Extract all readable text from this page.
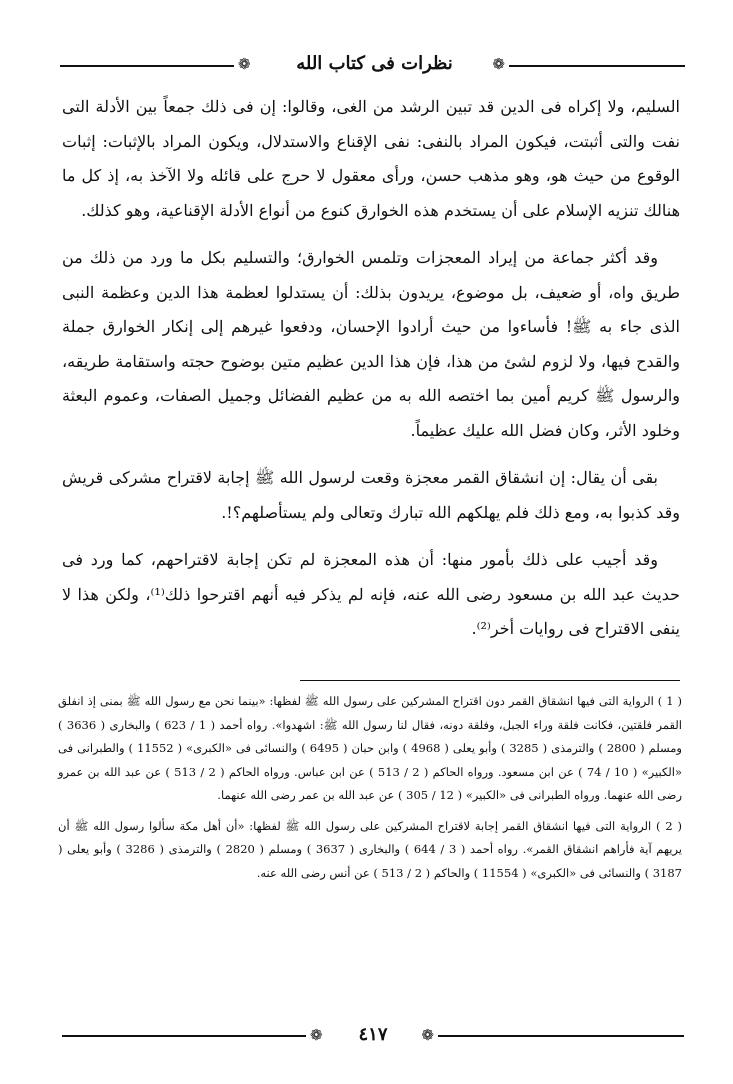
❁	نظرات فى كتاب الله	❁

السليم، ولا إكراه فى الدين قد تبين الرشد من الغى، وقالوا: إن فى ذلك جمعاً بين الأدلة التى نفت والتى أثبتت، فيكون المراد بالنفى: نفى الإقناع والاستدلال، ويكون المراد بالإثبات: إثبات الوقوع من حيث هو، وهو مذهب حسن، ورأى معقول لا حرج على قائله ولا الآخذ به، إذ كل ما هنالك تنزيه الإسلام على أن يستخدم هذه الخوارق كنوع من أنواع الأدلة الإقناعية، وهو كذلك.

وقد أكثر جماعة من إيراد المعجزات وتلمس الخوارق؛ والتسليم بكل ما ورد من ذلك من طريق واه، أو ضعيف، بل موضوع، يريدون بذلك: أن يستدلوا لعظمة هذا الدين وعظمة النبى الذى جاء به ﷺ! فأساءوا من حيث أرادوا الإحسان، ودفعوا غيرهم إلى إنكار الخوارق جملة والقدح فيها، ولا لزوم لشئ من هذا، فإن هذا الدين عظيم متين بوضوح حجته واستقامة طريقه، والرسول ﷺ كريم أمين بما اختصه الله به من عظيم الفضائل وجميل الصفات، وعموم البعثة وخلود الأثر، وكان فضل الله عليك عظيماً.

بقى أن يقال: إن انشقاق القمر معجزة وقعت لرسول الله ﷺ إجابة لاقتراح مشركى قريش وقد كذبوا به، ومع ذلك فلم يهلكهم الله تبارك وتعالى ولم يستأصلهم؟!.

وقد أجيب على ذلك بأمور منها: أن هذه المعجزة لم تكن إجابة لاقتراحهم، كما ورد فى حديث عبد الله بن مسعود رضى الله عنه، فإنه لم يذكر فيه أنهم اقترحوا ذلك⁽¹⁾، ولكن هذا لا ينفى الاقتراح فى روايات أخر⁽²⁾.

( 1 ) الرواية التى فيها انشقاق القمر دون اقتراح المشركين على رسول الله ﷺ لفظها: «بينما نحن مع رسول الله ﷺ بمنى إذ انفلق القمر فلقتين، فكانت فلقة وراء الجبل، وفلقة دونه، فقال لنا رسول الله ﷺ: اشهدوا». رواه أحمد ( 1 / 623 ) والبخارى ( 3636 ) ومسلم ( 2800 ) والترمذى ( 3285 ) وأبو يعلى ( 4968 ) وابن حبان ( 6495 ) والنسائى فى «الكبرى» ( 11552 ) والطبرانى فى «الكبير» ( 10 / 74 ) عن ابن مسعود. ورواه الحاكم ( 2 / 513 ) عن ابن عباس. ورواه الحاكم ( 2 / 513 ) عن عبد الله بن عمرو رضى الله عنهما. ورواه الطبرانى فى «الكبير» ( 12 / 305 ) عن عبد الله بن عمر رضى الله عنهما.

( 2 ) الرواية التى فيها انشقاق القمر إجابة لاقتراح المشركين على رسول الله ﷺ لفظها: «أن أهل مكة سألوا رسول الله ﷺ أن يريهم آية فأراهم انشقاق القمر». رواه أحمد ( 3 / 644 ) والبخارى ( 3637 ) ومسلم ( 2820 ) والترمذى ( 3286 ) وأبو يعلى ( 3187 ) والنسائى فى «الكبرى» ( 11554 ) والحاكم ( 2 / 513 ) عن أنس رضى الله عنه.

❁	٤١٧	❁
